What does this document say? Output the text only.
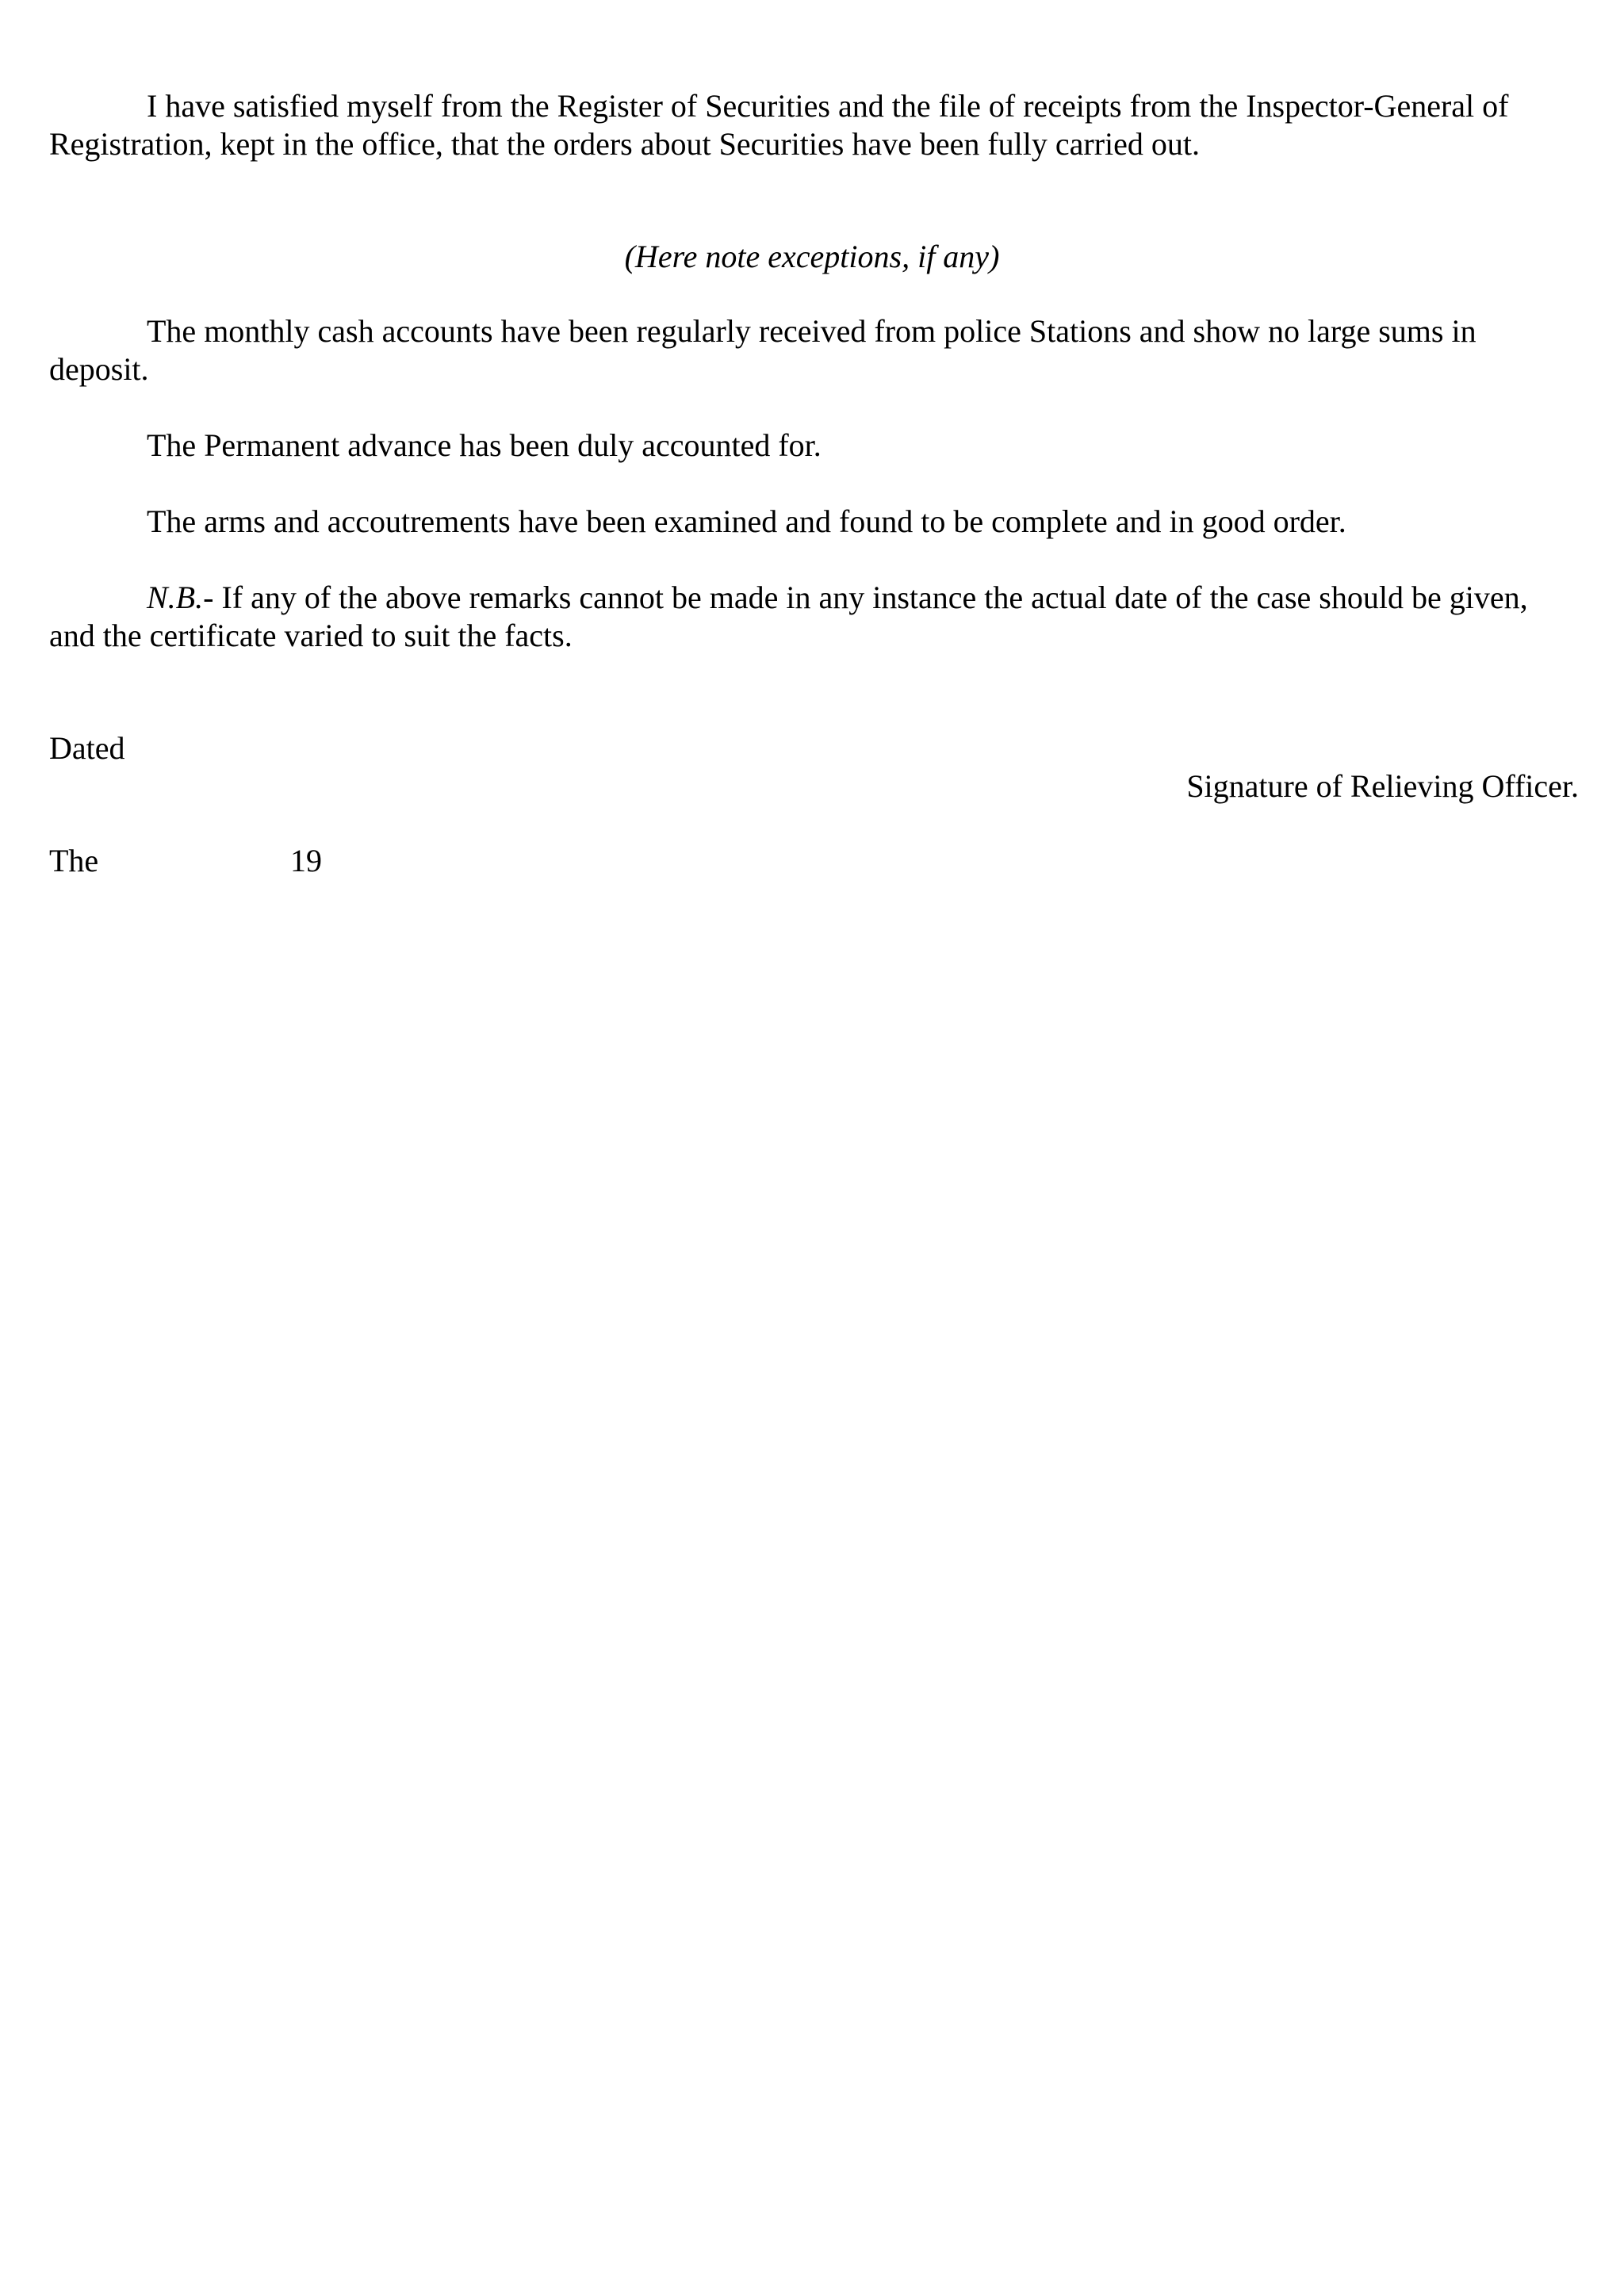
I have satisfied myself from the Register of Securities and the file of receipts from the Inspector-General of Registration, kept in the office, that the orders about Securities have been fully carried out.

(Here note exceptions, if any)

The monthly cash accounts have been regularly received from police Stations and show no large sums in deposit.

The Permanent advance has been duly accounted for.

The arms and accoutrements have been examined and found to be complete and in good order.

N.B.- If any of the above remarks cannot be made in any instance the actual date of the case should be given, and the certificate varied to suit the facts.

Dated
Signature of Relieving Officer.
The	19
